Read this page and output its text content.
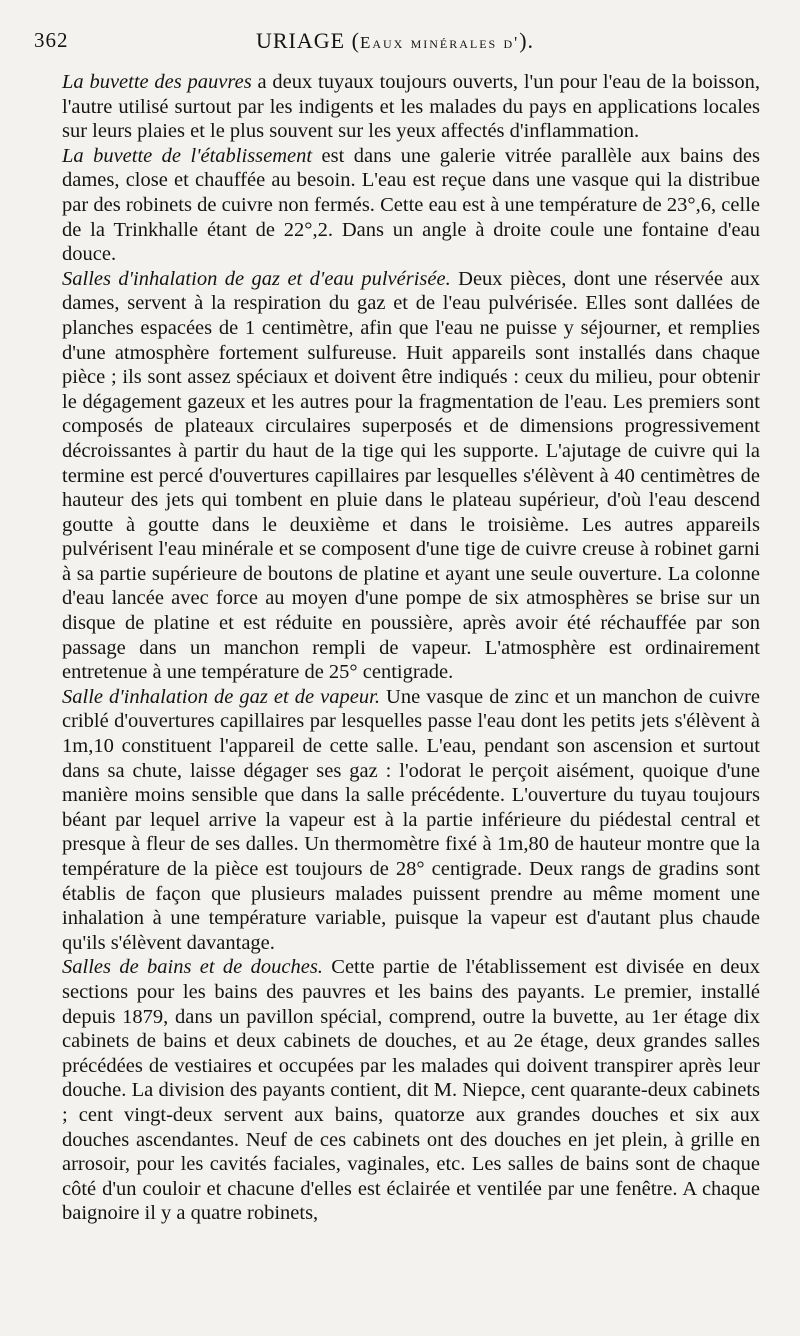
362	URIAGE (Eaux minérales d').

La buvette des pauvres a deux tuyaux toujours ouverts, l'un pour l'eau de la boisson, l'autre utilisé surtout par les indigents et les malades du pays en applications locales sur leurs plaies et le plus souvent sur les yeux affectés d'inflammation.

La buvette de l'établissement est dans une galerie vitrée parallèle aux bains des dames, close et chauffée au besoin. L'eau est reçue dans une vasque qui la distribue par des robinets de cuivre non fermés. Cette eau est à une température de 23°,6, celle de la Trinkhalle étant de 22°,2. Dans un angle à droite coule une fontaine d'eau douce.

Salles d'inhalation de gaz et d'eau pulvérisée. Deux pièces, dont une réservée aux dames, servent à la respiration du gaz et de l'eau pulvérisée. Elles sont dallées de planches espacées de 1 centimètre, afin que l'eau ne puisse y séjourner, et remplies d'une atmosphère fortement sulfureuse. Huit appareils sont installés dans chaque pièce ; ils sont assez spéciaux et doivent être indiqués : ceux du milieu, pour obtenir le dégagement gazeux et les autres pour la fragmentation de l'eau. Les premiers sont composés de plateaux circulaires superposés et de dimensions progressivement décroissantes à partir du haut de la tige qui les supporte. L'ajutage de cuivre qui la termine est percé d'ouvertures capillaires par lesquelles s'élèvent à 40 centimètres de hauteur des jets qui tombent en pluie dans le plateau supérieur, d'où l'eau descend goutte à goutte dans le deuxième et dans le troisième. Les autres appareils pulvérisent l'eau minérale et se composent d'une tige de cuivre creuse à robinet garni à sa partie supérieure de boutons de platine et ayant une seule ouverture. La colonne d'eau lancée avec force au moyen d'une pompe de six atmosphères se brise sur un disque de platine et est réduite en poussière, après avoir été réchauffée par son passage dans un manchon rempli de vapeur. L'atmosphère est ordinairement entretenue à une température de 25° centigrade.

Salle d'inhalation de gaz et de vapeur. Une vasque de zinc et un manchon de cuivre criblé d'ouvertures capillaires par lesquelles passe l'eau dont les petits jets s'élèvent à 1m,10 constituent l'appareil de cette salle. L'eau, pendant son ascension et surtout dans sa chute, laisse dégager ses gaz : l'odorat le perçoit aisément, quoique d'une manière moins sensible que dans la salle précédente. L'ouverture du tuyau toujours béant par lequel arrive la vapeur est à la partie inférieure du piédestal central et presque à fleur de ses dalles. Un thermomètre fixé à 1m,80 de hauteur montre que la température de la pièce est toujours de 28° centigrade. Deux rangs de gradins sont établis de façon que plusieurs malades puissent prendre au même moment une inhalation à une température variable, puisque la vapeur est d'autant plus chaude qu'ils s'élèvent davantage.

Salles de bains et de douches. Cette partie de l'établissement est divisée en deux sections pour les bains des pauvres et les bains des payants. Le premier, installé depuis 1879, dans un pavillon spécial, comprend, outre la buvette, au 1er étage dix cabinets de bains et deux cabinets de douches, et au 2e étage, deux grandes salles précédées de vestiaires et occupées par les malades qui doivent transpirer après leur douche. La division des payants contient, dit M. Niepce, cent quarante-deux cabinets ; cent vingt-deux servent aux bains, quatorze aux grandes douches et six aux douches ascendantes. Neuf de ces cabinets ont des douches en jet plein, à grille en arrosoir, pour les cavités faciales, vaginales, etc. Les salles de bains sont de chaque côté d'un couloir et chacune d'elles est éclairée et ventilée par une fenêtre. A chaque baignoire il y a quatre robinets,
